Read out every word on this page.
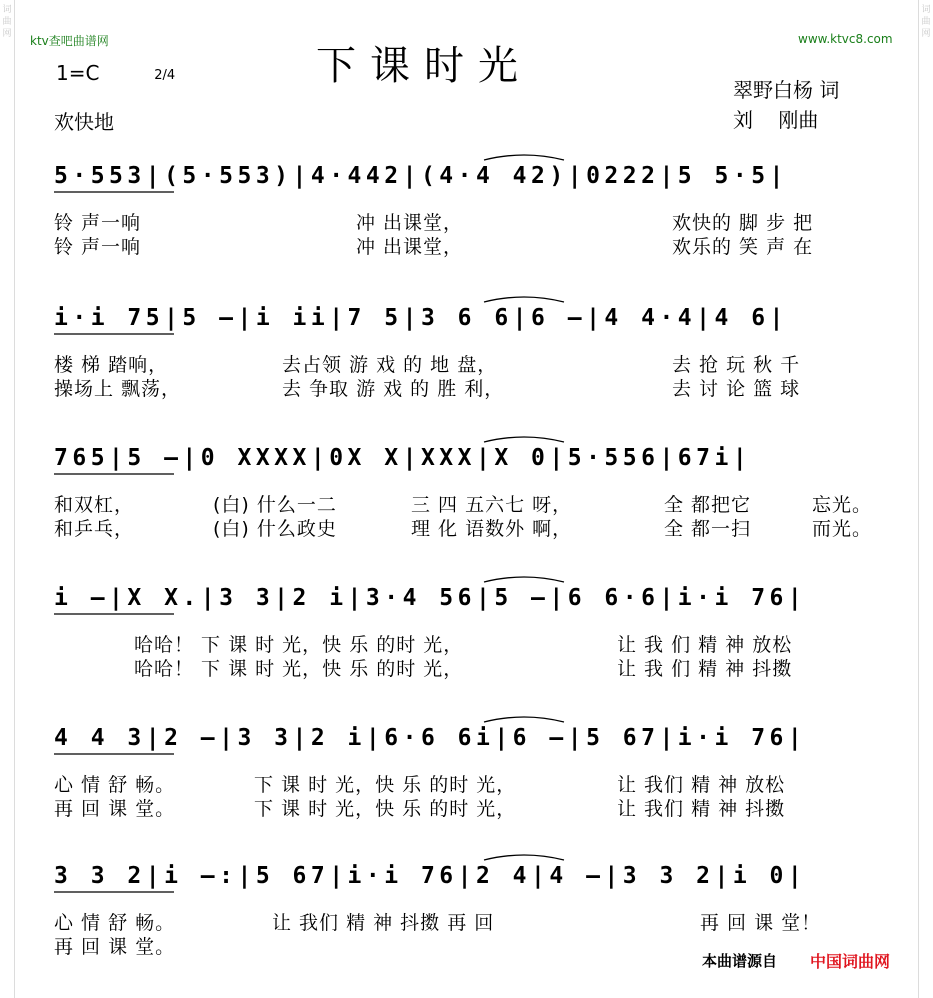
词曲网
词曲网
ktv查吧曲谱网	www.ktvc8.com
下课时光
1=C	2/4

欢快地
翠野白杨 词
刘    刚曲
5·553|(5·553)|4·442|(4·4 42)|0222|5 5·5|
铃 声一响	冲 出课堂，	欢快的 脚 步 把
铃 声一响	冲 出课堂，	欢乐的 笑 声 在
i·i 75|5 —|i ii|7 5|3 6 6|6 —|4 4·4|4 6|
楼 梯 踏响，	去占领 游 戏 的 地 盘，	去 抢 玩 秋 千
操场上 飘荡，	去 争取 游 戏 的 胜 利，	去 讨 论 篮 球
765|5 —|0 XXXX|0X X|XXX|X 0|5·556|67i|
和双杠，	(白) 什么一二	三 四 五六七 呀，	全 都把它	忘光。
和乒乓，	(白) 什么政史	理 化 语数外 啊，	全 都一扫	而光。
i —|X X.|3 3|2 i|3·4 56|5 —|6 6·6|i·i 76|
哈哈！ 下 课 时 光，快 乐 的时 光，	让 我 们 精 神 放松
哈哈！ 下 课 时 光，快 乐 的时 光，	让 我 们 精 神 抖擞
4 4 3|2 —|3 3|2 i|6·6 6i|6 —|5 67|i·i 76|
心 情 舒 畅。	下 课 时 光，快 乐 的时 光，	让 我们 精 神 放松
再 回 课 堂。	下 课 时 光，快 乐 的时 光，	让 我们 精 神 抖擞
3 3 2|i —:|5 67|i·i 76|2 4|4 —|3 3 2|i 0|
心 情 舒 畅。	让 我们 精 神 抖擞 再 回	再 回 课 堂！
再 回 课 堂。
本曲谱源自 中国词曲网
